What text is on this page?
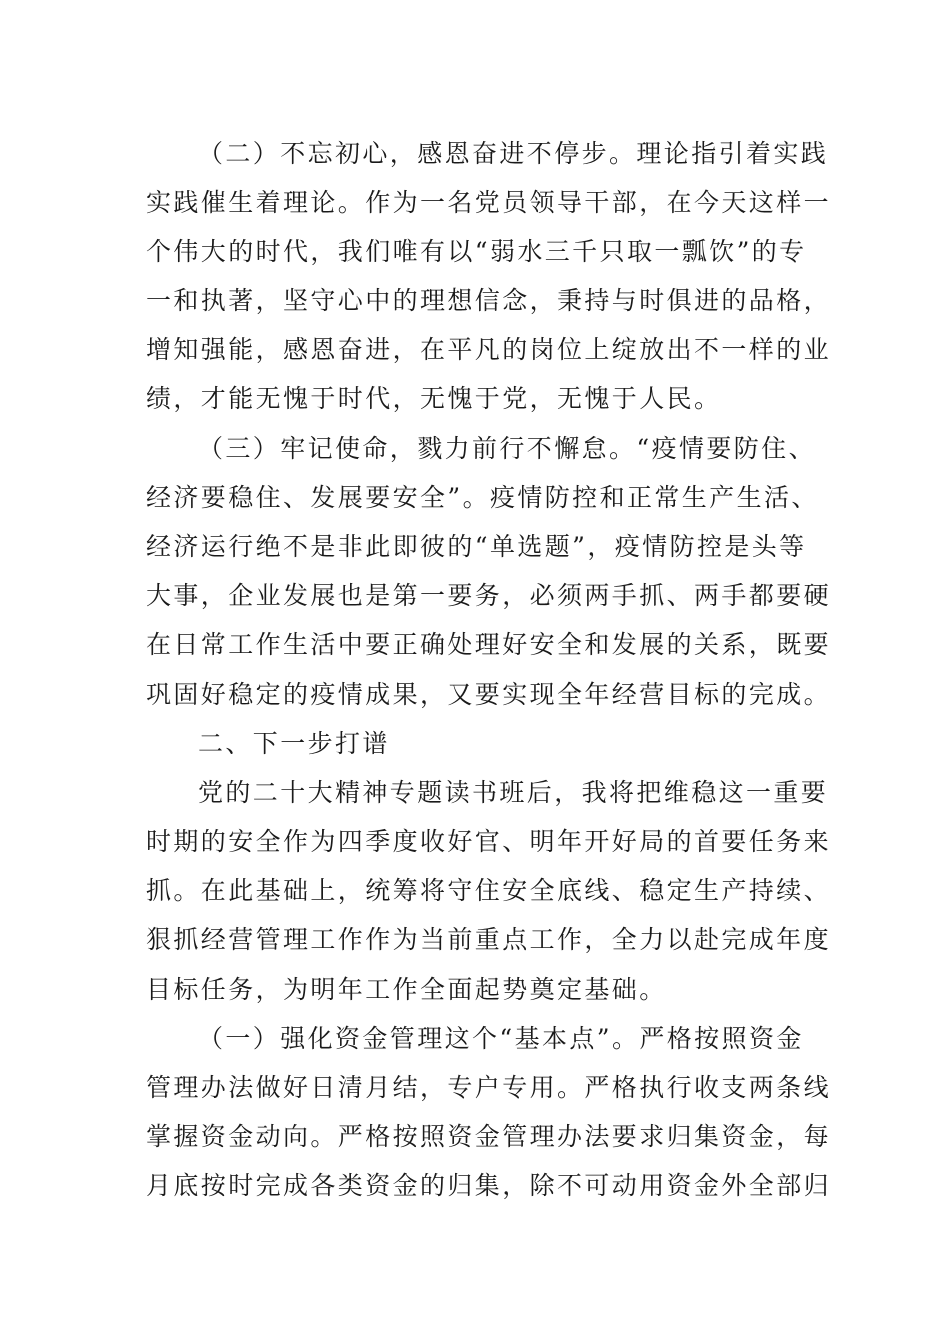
（二）不忘初心，感恩奋进不停步。理论指引着实践

实践催生着理论。作为一名党员领导干部，在今天这样一

个伟大的时代，我们唯有以“弱水三千只取一瓢饮”的专

一和执著，坚守心中的理想信念，秉持与时俱进的品格，

增知强能，感恩奋进，在平凡的岗位上绽放出不一样的业

绩，才能无愧于时代，无愧于党，无愧于人民。

（三）牢记使命，戮力前行不懈怠。“疫情要防住、

经济要稳住、发展要安全”。疫情防控和正常生产生活、

经济运行绝不是非此即彼的“单选题”，疫情防控是头等

大事，企业发展也是第一要务，必须两手抓、两手都要硬

在日常工作生活中要正确处理好安全和发展的关系，既要

巩固好稳定的疫情成果，又要实现全年经营目标的完成。

二、下一步打谱

党的二十大精神专题读书班后，我将把维稳这一重要

时期的安全作为四季度收好官、明年开好局的首要任务来

抓。在此基础上，统筹将守住安全底线、稳定生产持续、

狠抓经营管理工作作为当前重点工作，全力以赴完成年度

目标任务，为明年工作全面起势奠定基础。

（一）强化资金管理这个“基本点”。严格按照资金

管理办法做好日清月结，专户专用。严格执行收支两条线

掌握资金动向。严格按照资金管理办法要求归集资金，每

月底按时完成各类资金的归集，除不可动用资金外全部归
